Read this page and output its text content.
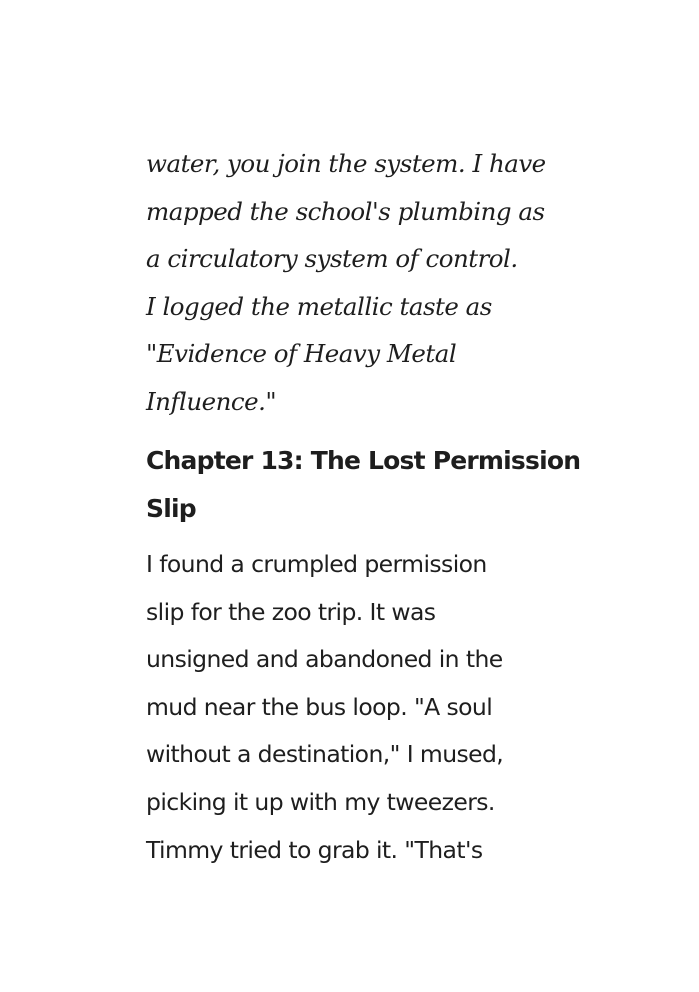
water, you join the system. I have
mapped the school's plumbing as
a circulatory system of control.
I logged the metallic taste as
"Evidence of Heavy Metal
Influence."
Chapter 13: The Lost Permission
Slip
I found a crumpled permission
slip for the zoo trip. It was
unsigned and abandoned in the
mud near the bus loop. "A soul
without a destination," I mused,
picking it up with my tweezers.
Timmy tried to grab it. "That's
